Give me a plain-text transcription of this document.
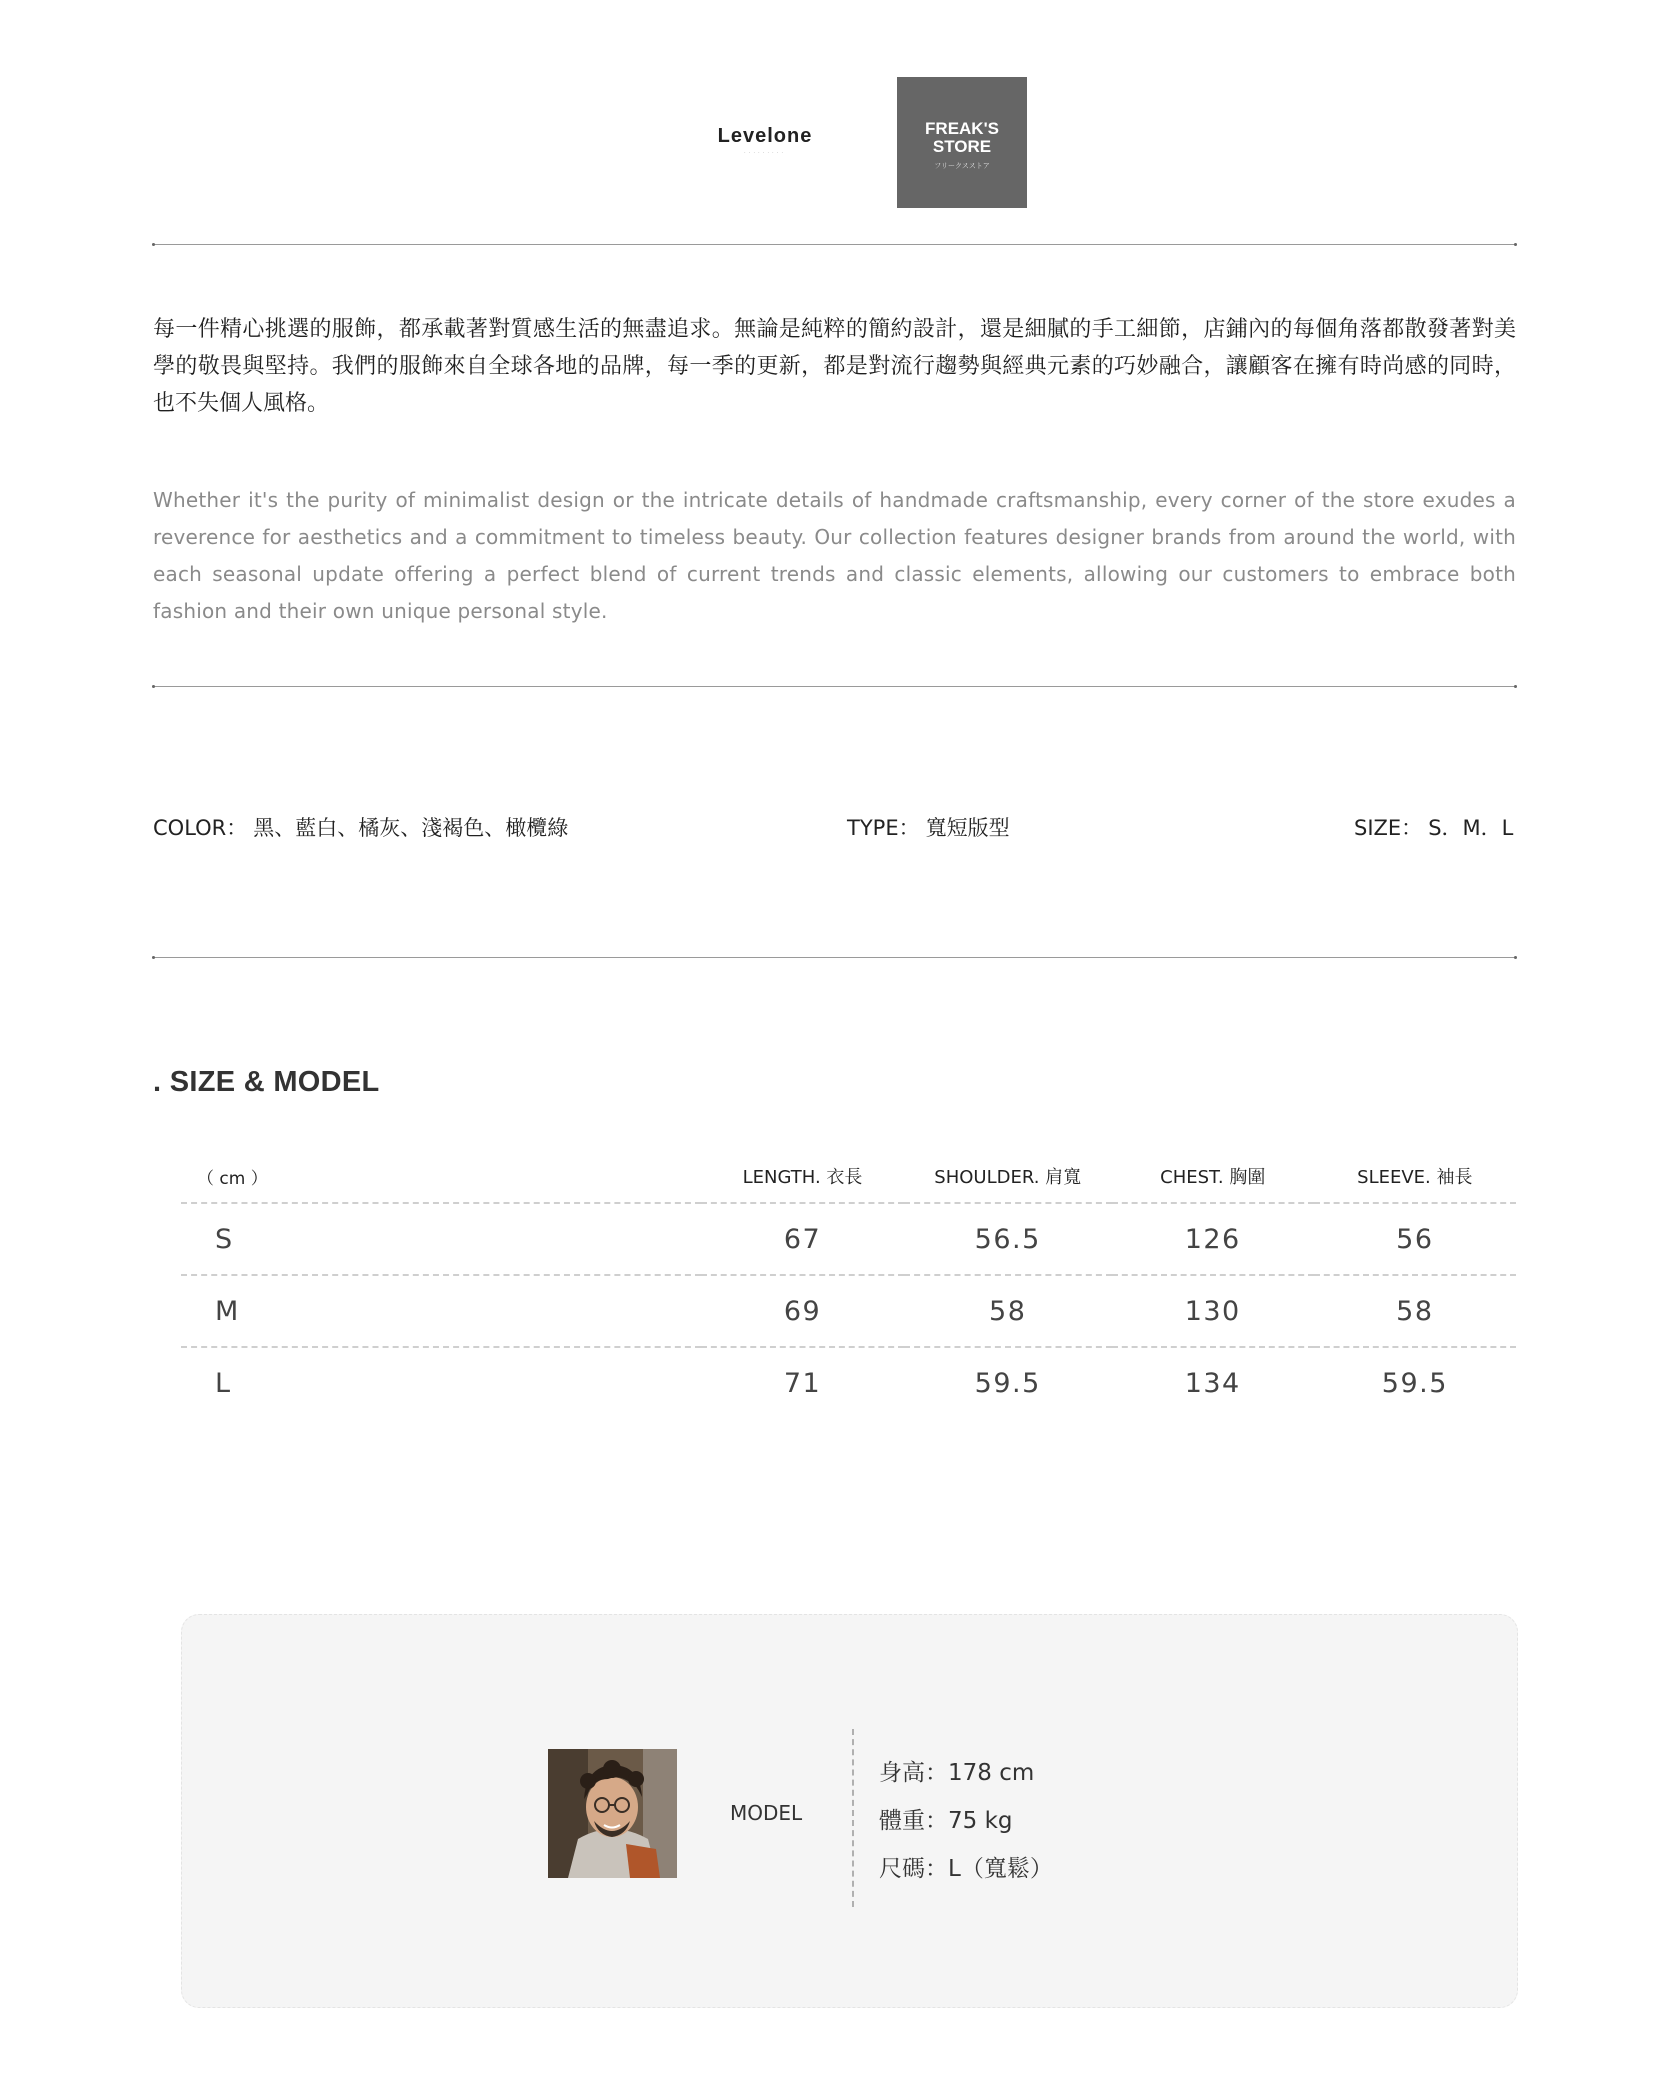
Levelone
·········
FREAK'S
STORE
フリークスストア

每一件精心挑選的服飾，都承載著對質感生活的無盡追求。無論是純粹的簡約設計，還是細膩的手工細節，店鋪內的每個角落都散發著對美學的敬畏與堅持。我們的服飾來自全球各地的品牌，每一季的更新，都是對流行趨勢與經典元素的巧妙融合，讓顧客在擁有時尚感的同時，也不失個人風格。

Whether it's the purity of minimalist design or the intricate details of handmade craftsmanship, every corner of the store exudes a reverence for aesthetics and a commitment to timeless beauty. Our collection features designer brands from around the world, with each seasonal update offering a perfect blend of current trends and classic elements, allowing our customers to embrace both fashion and their own unique personal style.

COLOR： 黑、藍白、橘灰、淺褐色、橄欖綠	TYPE： 寬短版型	SIZE： S．M．L
. SIZE & MODEL
（ cm ）	LENGTH. 衣長	SHOULDER. 肩寬	CHEST. 胸圍	SLEEVE. 袖長
S	67	56.5	126	56
M	69	58	130	58
L	71	59.5	134	59.5
MODEL
身高：178 cm
體重：75 kg
尺碼：L（寬鬆）
